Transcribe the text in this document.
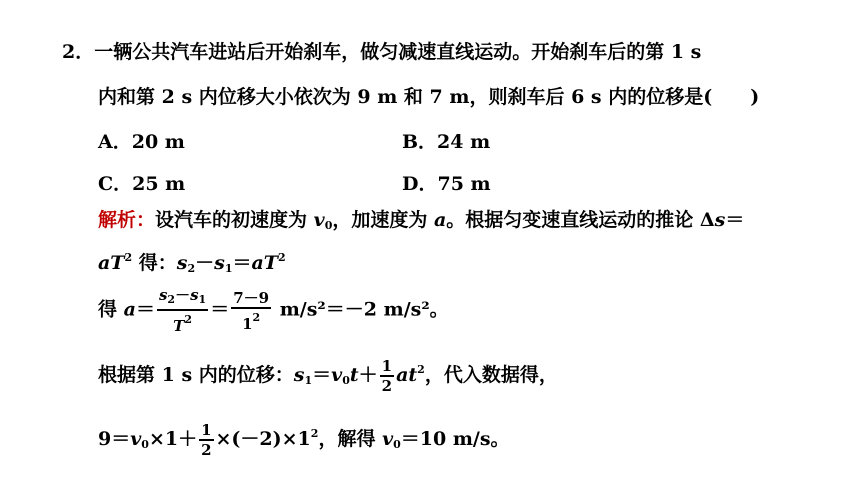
2．一辆公共汽车进站后开始刹车，做匀减速直线运动。开始刹车后的第 1 s
内和第 2 s 内位移大小依次为 9 m 和 7 m，则刹车后 6 s 内的位移是(　　)
A．20 m	B．24 m
C．25 m	D．75 m
解析：设汽车的初速度为 $v_0$，加速度为 a。根据匀变速直线运动的推论 Δs＝
$aT^2$ 得：$s_2-s_1=aT^2$
得 $a= \frac{s_2-s_1}{T^2} = \frac{7-9}{1^2} m/s^2=-2$ m/s²。
根据第 1 s 内的位移：$s_1=v_0t+ \frac{1}{2} at^2$，代入数据得，
$9=v_0\times 1+ \frac{1}{2} \times(-2)\times 1^2$，解得 $v_0=10$ m/s。
